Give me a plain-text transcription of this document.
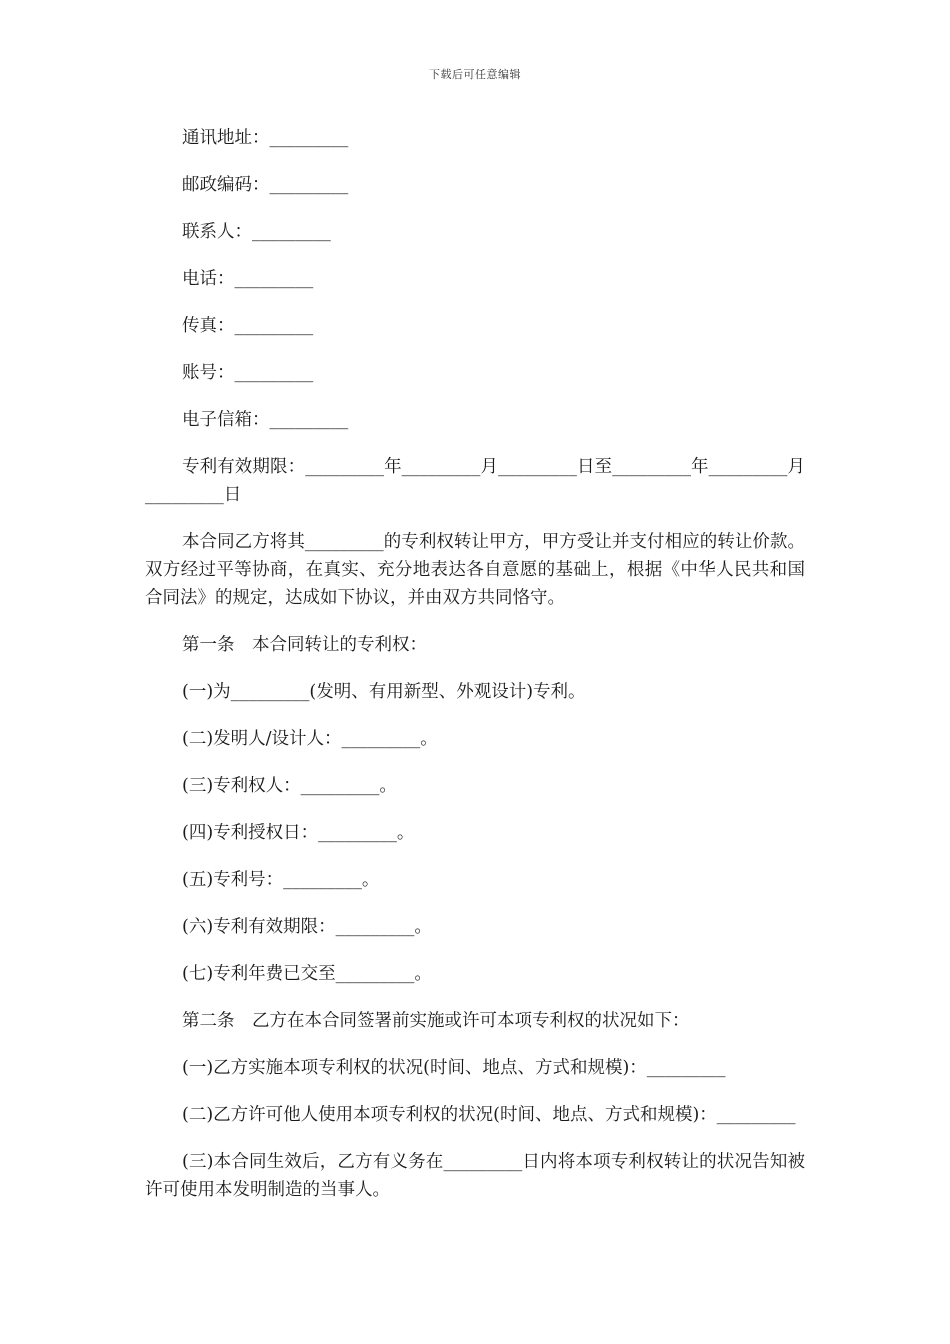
下载后可任意编辑

通讯地址：_________

邮政编码：_________

联系人：_________

电话：_________

传真：_________

账号：_________

电子信箱：_________

专利有效期限：_________年_________月_________日至_________年_________月_________日

本合同乙方将其_________的专利权转让甲方，甲方受让并支付相应的转让价款。双方经过平等协商，在真实、充分地表达各自意愿的基础上，根据《中华人民共和国合同法》的规定，达成如下协议，并由双方共同恪守。

第一条　本合同转让的专利权：

(一)为_________(发明、有用新型、外观设计)专利。

(二)发明人/设计人：_________。

(三)专利权人：_________。

(四)专利授权日：_________。

(五)专利号：_________。

(六)专利有效期限：_________。

(七)专利年费已交至_________。

第二条　乙方在本合同签署前实施或许可本项专利权的状况如下：

(一)乙方实施本项专利权的状况(时间、地点、方式和规模)：_________

(二)乙方许可他人使用本项专利权的状况(时间、地点、方式和规模)：_________

(三)本合同生效后，乙方有义务在_________日内将本项专利权转让的状况告知被许可使用本发明制造的当事人。
